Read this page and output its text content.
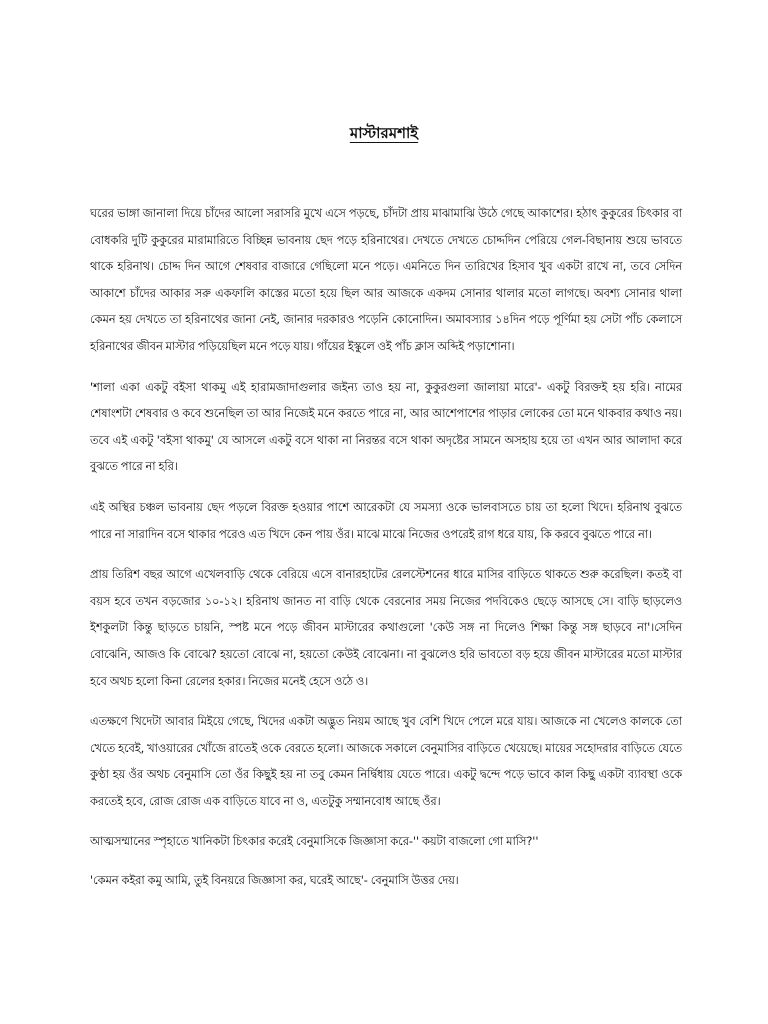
মাস্টারমশাই

ঘরের ভাঙ্গা জানালা দিয়ে চাঁদের আলো সরাসরি মুখে এসে পড়ছে, চাঁদটা প্রায় মাঝামাঝি উঠে গেছে আকাশের। হঠাৎ কুকুরের চিৎকার বা বোধকরি দুটি কুকুরের মারামারিতে বিচ্ছিন্ন ভাবনায় ছেদ পড়ে হরিনাথের। দেখতে দেখতে চোদ্দদিন পেরিয়ে গেল-বিছানায় শুয়ে ভাবতে থাকে হরিনাথ। চোদ্দ দিন আগে শেষবার বাজারে গেছিলো মনে পড়ে। এমনিতে দিন তারিখের হিসাব খুব একটা রাখে না, তবে সেদিন আকাশে চাঁদের আকার সরু একফালি কাস্তের মতো হয়ে ছিল আর আজকে একদম সোনার থালার মতো লাগছে। অবশ্য সোনার থালা কেমন হয় দেখতে তা হরিনাথের জানা নেই, জানার দরকারও পড়েনি কোনোদিন। অমাবস্যার ১৪দিন পড়ে পূর্ণিমা হয় সেটা পাঁচ কেলাসে হরিনাথের জীবন মাস্টার পড়িয়েছিল মনে পড়ে যায়। গাঁয়ের ইস্কুলে ওই পাঁচ ক্লাস অব্দিই পড়াশোনা।

'শালা একা একটু বইসা থাকমু এই হারামজাদাগুলার জইন্য তাও হয় না, কুকুরগুলা জালায়া মারে'- একটু বিরক্তই হয় হরি। নামের শেষাংশটা শেষবার ও কবে শুনেছিল তা আর নিজেই মনে করতে পারে না, আর আশেপাশের পাড়ার লোকের তো মনে থাকবার কথাও নয়। তবে এই একটু 'বইসা থাকমু' যে আসলে একটু বসে থাকা না নিরন্তর বসে থাকা অদৃষ্টের সামনে অসহায় হয়ে তা এখন আর আলাদা করে বুঝতে পারে না হরি।

এই অস্থির চঞ্চল ভাবনায় ছেদ পড়লে বিরক্ত হওয়ার পাশে আরেকটা যে সমস্যা ওকে ভালবাসতে চায় তা হলো খিদে। হরিনাথ বুঝতে পারে না সারাদিন বসে থাকার পরেও এত খিদে কেন পায় ওঁর। মাঝে মাঝে নিজের ওপরেই রাগ ধরে যায়, কি করবে বুঝতে পারে না।

প্রায় তিরিশ বছর আগে এখেলবাড়ি থেকে বেরিয়ে এসে বানারহাটের রেলস্টেশনের ধারে মাসির বাড়িতে থাকতে শুরু করেছিল। কতই বা বয়স হবে তখন বড়জোর ১০-১২। হরিনাথ জানত না বাড়ি থেকে বেরনোর সময় নিজের পদবিকেও ছেড়ে আসছে সে। বাড়ি ছাড়লেও ইশকুলটা কিন্তু ছাড়তে চায়নি, স্পষ্ট মনে পড়ে জীবন মাস্টারের কথাগুলো 'কেউ সঙ্গ না দিলেও শিক্ষা কিন্তু সঙ্গ ছাড়বে না'।সেদিন বোঝেনি, আজও কি বোঝে? হয়তো বোঝে না, হয়তো কেউই বোঝেনা। না বুঝলেও হরি ভাবতো বড় হয়ে জীবন মাস্টারের মতো মাস্টার হবে অথচ হলো কিনা রেলের হকার। নিজের মনেই হেসে ওঠে ও।

এতক্ষণে খিদেটা আবার মিইয়ে গেছে, খিদের একটা অদ্ভুত নিয়ম আছে খুব বেশি খিদে পেলে মরে যায়। আজকে না খেলেও কালকে তো খেতে হবেই, খাওয়ারের খোঁজে রাতেই ওকে বেরতে হলো। আজকে সকালে বেনুমাসির বাড়িতে খেয়েছে। মায়ের সহোদরার বাড়িতে যেতে কুণ্ঠা হয় ওঁর অথচ বেনুমাসি তো ওঁর কিছুই হয় না তবু কেমন নির্দ্বিধায় যেতে পারে। একটু দ্বন্দে পড়ে ভাবে কাল কিছু একটা ব্যাবস্থা ওকে করতেই হবে, রোজ রোজ এক বাড়িতে যাবে না ও, এতটুকু সম্মানবোধ আছে ওঁর।

আত্মসম্মানের স্পৃহাতে খানিকটা চিৎকার করেই বেনুমাসিকে জিজ্ঞাসা করে-'' কয়টা বাজলো গো মাসি?''

'কেমন কইরা কমু আমি, তুই বিনয়রে জিজ্ঞাসা কর, ঘরেই আছে'- বেনুমাসি উত্তর দেয়।
